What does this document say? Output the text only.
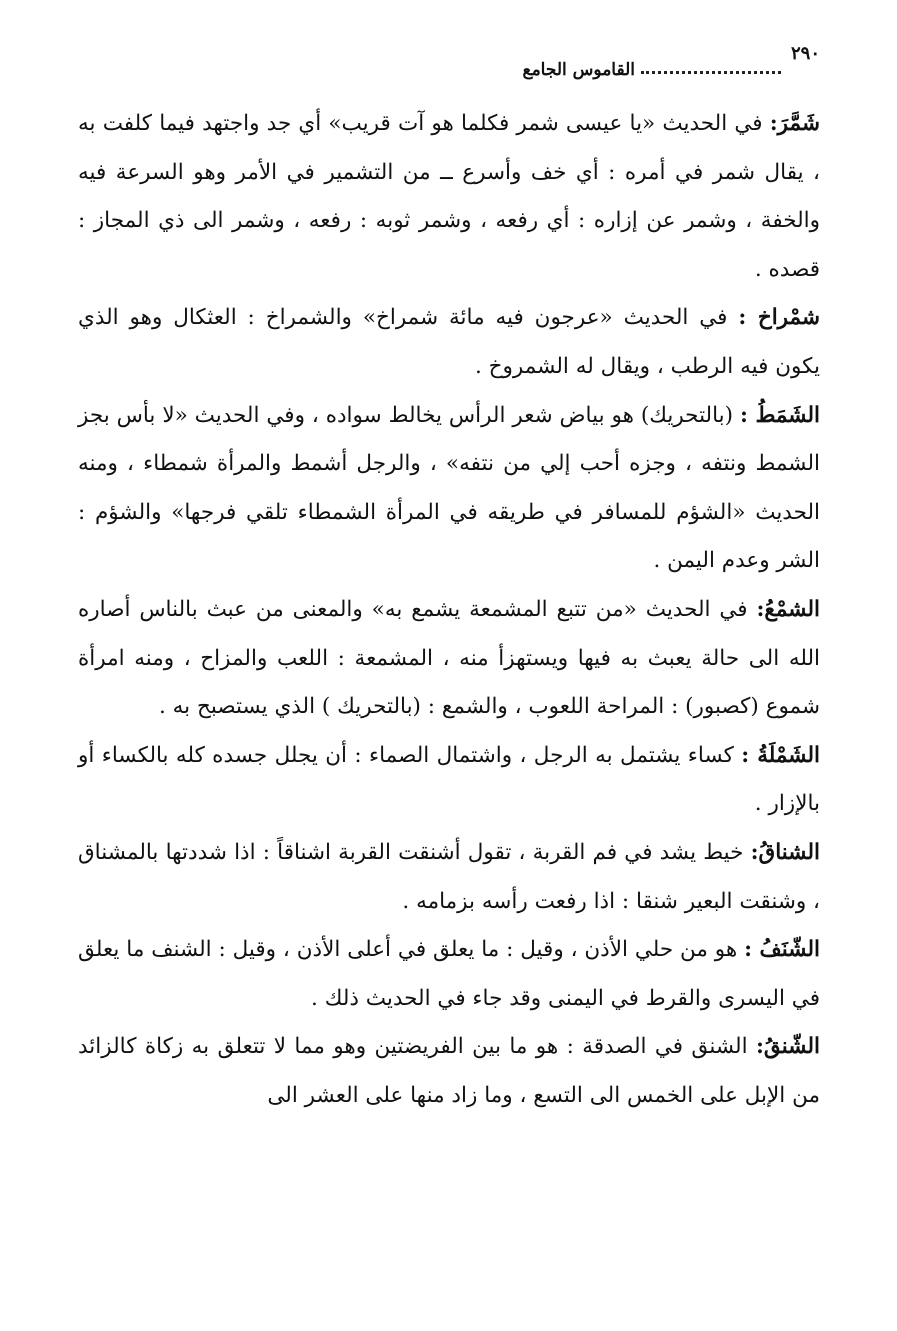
٢٩٠
القاموس الجامع

شَمَّرَ: في الحديث «يا عيسى شمر فكلما هو آت قريب» أي جد واجتهد فيما كلفت به ، يقال شمر في أمره : أي خف وأسرع ــ من التشمير في الأمر وهو السرعة فيه والخفة ، وشمر عن إزاره : أي رفعه ، وشمر ثوبه : رفعه ، وشمر الى ذي المجاز : قصده .

شمْراخ : في الحديث «عرجون فيه مائة شمراخ» والشمراخ : العثكال وهو الذي يكون فيه الرطب ، ويقال له الشمروخ .

الشَمَطُ : (بالتحريك) هو بياض شعر الرأس يخالط سواده ، وفي الحديث «لا بأس بجز الشمط ونتفه ، وجزه أحب إلي من نتفه» ، والرجل أشمط والمرأة شمطاء ، ومنه الحديث «الشؤم للمسافر في طريقه في المرأة الشمطاء تلقي فرجها» والشؤم : الشر وعدم اليمن .

الشمْعُ: في الحديث «من تتبع المشمعة يشمع به» والمعنى من عبث بالناس أصاره الله الى حالة يعبث به فيها ويستهزأ منه ، المشمعة : اللعب والمزاح ، ومنه امرأة شموع (كصبور) : المراحة اللعوب ، والشمع : (بالتحريك ) الذي يستصبح به .

الشَمْلَةُ : كساء يشتمل به الرجل ، واشتمال الصماء : أن يجلل جسده كله بالكساء أو بالإزار .

الشناقُ: خيط يشد في فم القربة ، تقول أشنقت القربة اشناقاً : اذا شددتها بالمشناق ، وشنقت البعير شنقا : اذا رفعت رأسه بزمامه .

الشّنَفُ : هو من حلي الأذن ، وقيل : ما يعلق في أعلى الأذن ، وقيل : الشنف ما يعلق في اليسرى والقرط في اليمنى وقد جاء في الحديث ذلك .

الشّنقُ: الشنق في الصدقة : هو ما بين الفريضتين وهو مما لا تتعلق به زكاة كالزائد من الإبل على الخمس الى التسع ، وما زاد منها على العشر الى
